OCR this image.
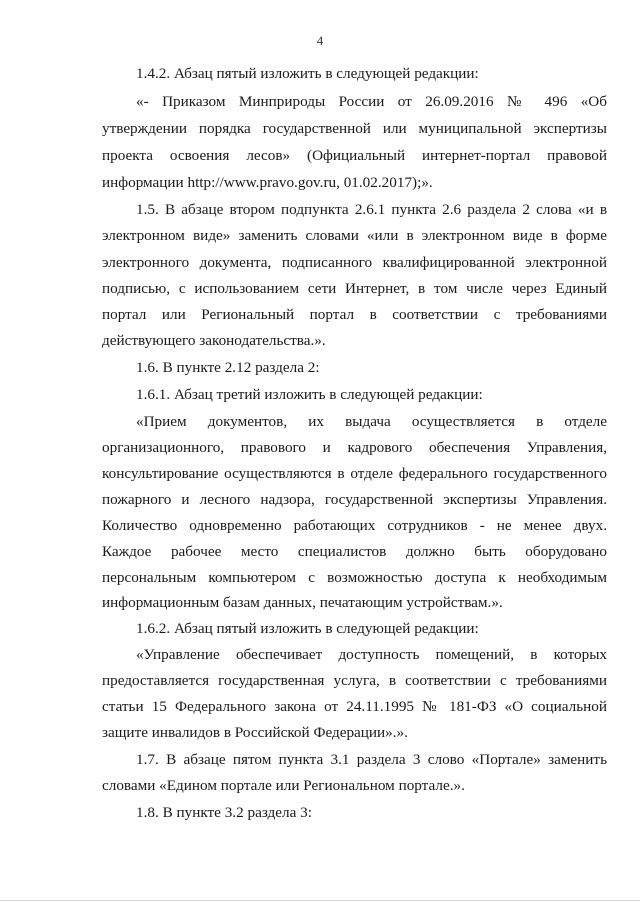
4
1.4.2. Абзац пятый изложить в следующей редакции:
«- Приказом Минприроды России от 26.09.2016 № 496 «Об
утверждении порядка государственной или муниципальной экспертизы
проекта освоения лесов» (Официальный интернет-портал правовой
информации http://www.pravo.gov.ru, 01.02.2017);».
1.5. В абзаце втором подпункта 2.6.1 пункта 2.6 раздела 2 слова «и в
электронном виде» заменить словами «или в электронном виде в форме
электронного документа, подписанного квалифицированной электронной
подписью, с использованием сети Интернет, в том числе через Единый
портал или Региональный портал в соответствии с требованиями
действующего законодательства.».
1.6. В пункте 2.12 раздела 2:
1.6.1. Абзац третий изложить в следующей редакции:
«Прием документов, их выдача осуществляется в отделе
организационного, правового и кадрового обеспечения Управления,
консультирование осуществляются в отделе федерального государственного
пожарного и лесного надзора, государственной экспертизы Управления.
Количество одновременно работающих сотрудников - не менее двух.
Каждое рабочее место специалистов должно быть оборудовано
персональным компьютером с возможностью доступа к необходимым
информационным базам данных, печатающим устройствам.».
1.6.2. Абзац пятый изложить в следующей редакции:
«Управление обеспечивает доступность помещений, в которых
предоставляется государственная услуга, в соответствии с требованиями
статьи 15 Федерального закона от 24.11.1995 № 181-ФЗ «О социальной
защите инвалидов в Российской Федерации».».
1.7. В абзаце пятом пункта 3.1 раздела 3 слово «Портале» заменить
словами «Едином портале или Региональном портале.».
1.8. В пункте 3.2 раздела 3:
